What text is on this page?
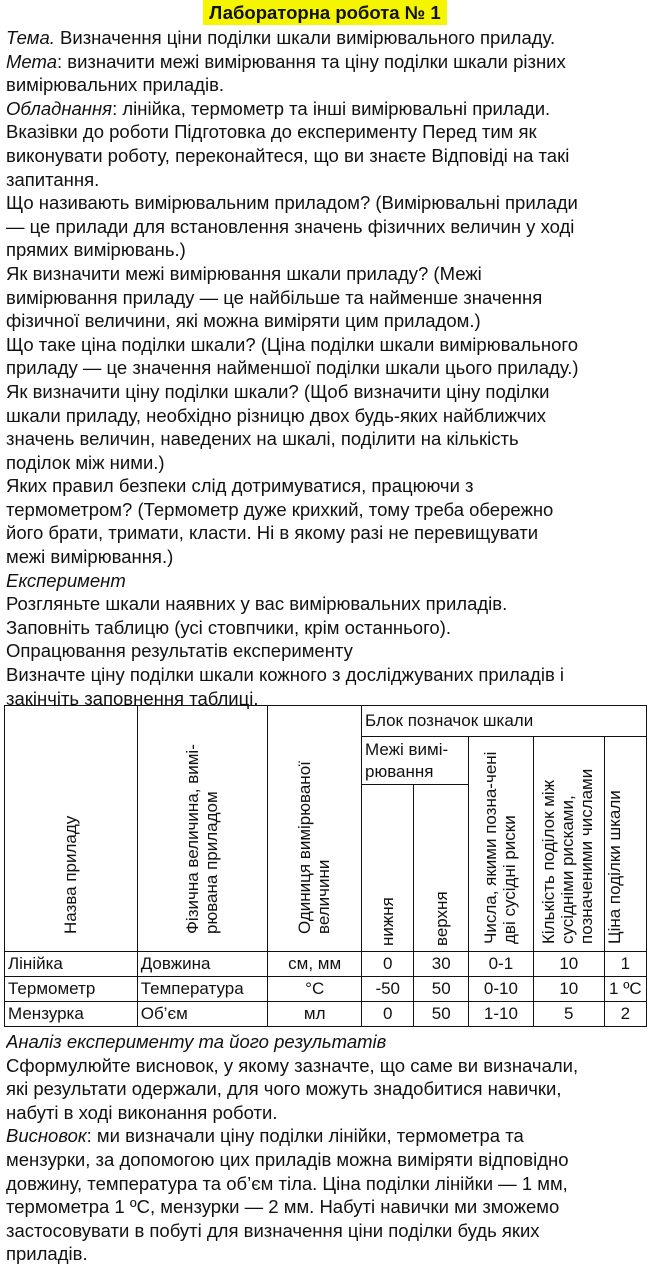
Лабораторна робота № 1
Тема. Визначення ціни поділки шкали вимірювального приладу.
Мета: визначити межі вимірювання та ціну поділки шкали різних
вимірювальних приладів.
Обладнання: лінійка, термометр та інші вимірювальні прилади.
Вказівки до роботи Підготовка до експерименту Перед тим як
виконувати роботу, переконайтеся, що ви знаєте Відповіді на такі
запитання.
Що називають вимірювальним приладом? (Вимірювальні прилади
— це прилади для встановлення значень фізичних величин у ході
прямих вимірювань.)
Як визначити межі вимірювання шкали приладу? (Межі
вимірювання приладу — це найбільше та найменше значення
фізичної величини, які можна виміряти цим приладом.)
Що таке ціна поділки шкали? (Ціна поділки шкали вимірювального
приладу — це значення найменшої поділки шкали цього приладу.)
Як визначити ціну поділки шкали? (Щоб визначити ціну поділки
шкали приладу, необхідно різницю двох будь-яких найближчих
значень величин, наведених на шкалі, поділити на кількість
поділок між ними.)
Яких правил безпеки слід дотримуватися, працюючи з
термометром? (Термометр дуже крихкий, тому треба обережно
його брати, тримати, класти. Ні в якому разі не перевищувати
межі вимірювання.)
Експеримент
Розгляньте шкали наявних у вас вимірювальних приладів.
Заповніть таблицю (усі стовпчики, крім останнього).
Опрацювання результатів експерименту
Визначте ціну поділки шкали кожного з досліджуваних приладів і
закінчіть заповнення таблиці.
Назва приладу	Фізична величина, вимі-рювана приладом	Одиниця вимірюваної величини	Блок позначок шкали				
			Межі вимі-рювання		Числа, якими позна-чені дві сусідні риски	Кількість поділок між сусідніми рисками, позначеними числами	Ціна поділки шкали

			нижня	верхня			

Лінійка	Довжина	см, мм	0	30	0-1	10	1
Термометр	Температура	°C	-50	50	0-10	10	1 ºC
Мензурка	Об’єм	мл	0	50	1-10	5	2
Аналіз експерименту та його результатів
Сформулюйте висновок, у якому зазначте, що саме ви визначали,
які результати одержали, для чого можуть знадобитися навички,
набуті в ході виконання роботи.
Висновок: ми визначали ціну поділки лінійки, термометра та
мензурки, за допомогою цих приладів можна виміряти відповідно
довжину, температура та об’єм тіла. Ціна поділки лінійки — 1 мм,
термометра 1 ºС, мензурки — 2 мм. Набуті навички ми зможемо
застосовувати в побуті для визначення ціни поділки будь яких
приладів.
